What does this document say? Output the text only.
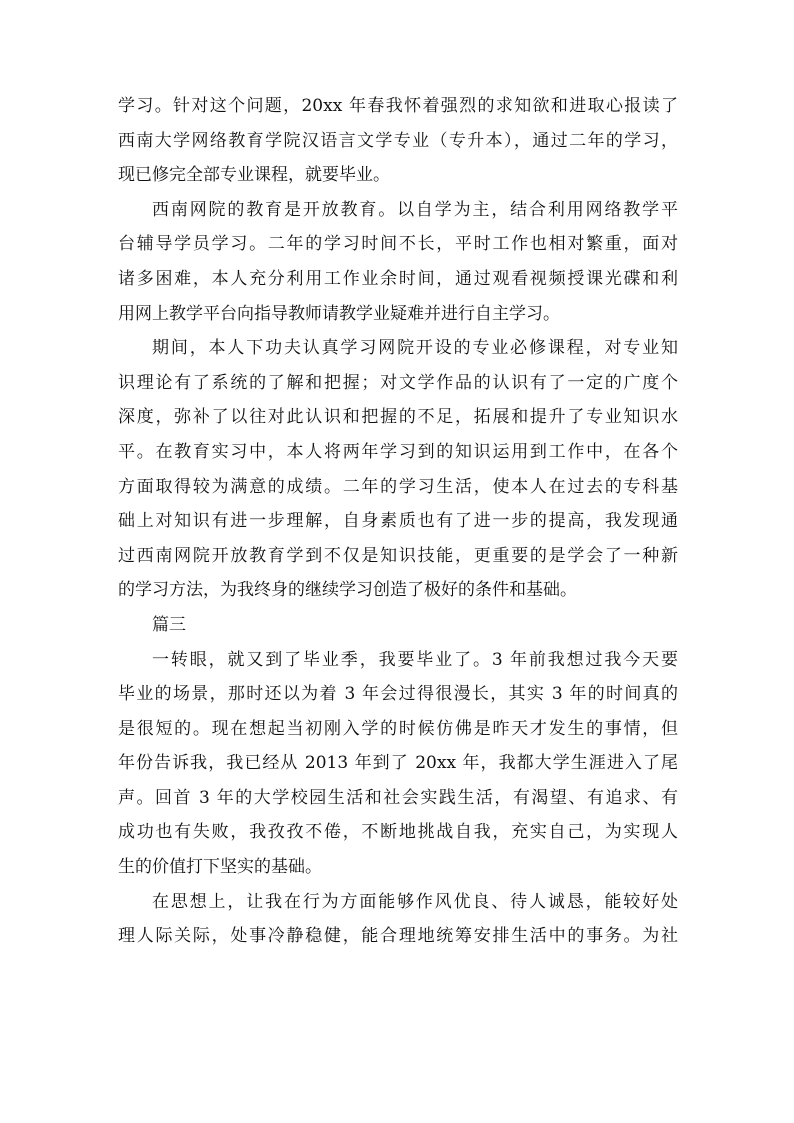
学习。针对这个问题，20xx 年春我怀着强烈的求知欲和进取心报读了
西南大学网络教育学院汉语言文学专业（专升本），通过二年的学习，
现已修完全部专业课程，就要毕业。
西南网院的教育是开放教育。以自学为主，结合利用网络教学平
台辅导学员学习。二年的学习时间不长，平时工作也相对繁重，面对
诸多困难，本人充分利用工作业余时间，通过观看视频授课光碟和利
用网上教学平台向指导教师请教学业疑难并进行自主学习。
期间，本人下功夫认真学习网院开设的专业必修课程，对专业知
识理论有了系统的了解和把握；对文学作品的认识有了一定的广度个
深度，弥补了以往对此认识和把握的不足，拓展和提升了专业知识水
平。在教育实习中，本人将两年学习到的知识运用到工作中，在各个
方面取得较为满意的成绩。二年的学习生活，使本人在过去的专科基
础上对知识有进一步理解，自身素质也有了进一步的提高，我发现通
过西南网院开放教育学到不仅是知识技能，更重要的是学会了一种新
的学习方法，为我终身的继续学习创造了极好的条件和基础。
篇三
一转眼，就又到了毕业季，我要毕业了。3 年前我想过我今天要
毕业的场景，那时还以为着 3 年会过得很漫长，其实 3 年的时间真的
是很短的。现在想起当初刚入学的时候仿佛是昨天才发生的事情，但
年份告诉我，我已经从 2013 年到了 20xx 年，我都大学生涯进入了尾
声。回首 3 年的大学校园生活和社会实践生活，有渴望、有追求、有
成功也有失败，我孜孜不倦，不断地挑战自我，充实自己，为实现人
生的价值打下坚实的基础。
在思想上，让我在行为方面能够作风优良、待人诚恳，能较好处
理人际关际，处事冷静稳健，能合理地统筹安排生活中的事务。为社
